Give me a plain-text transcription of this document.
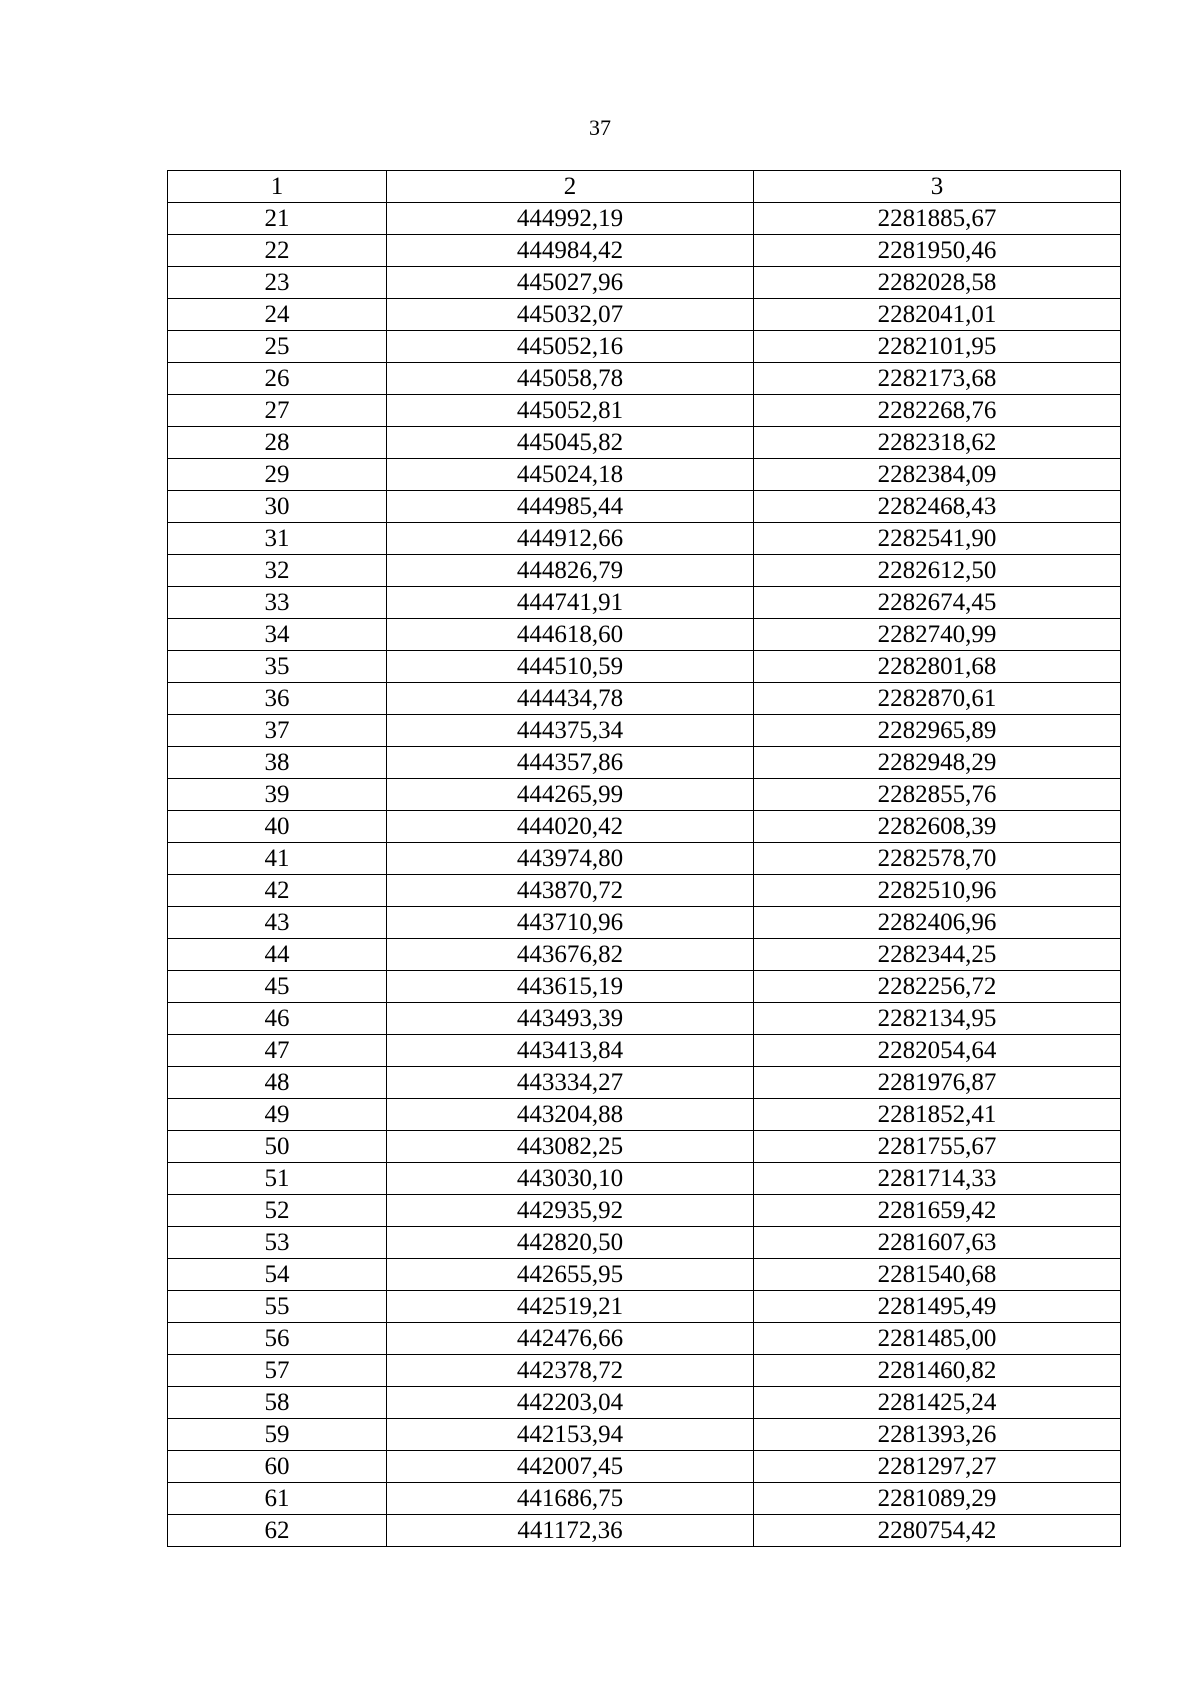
37
1	2	3
21	444992,19	2281885,67
22	444984,42	2281950,46
23	445027,96	2282028,58
24	445032,07	2282041,01
25	445052,16	2282101,95
26	445058,78	2282173,68
27	445052,81	2282268,76
28	445045,82	2282318,62
29	445024,18	2282384,09
30	444985,44	2282468,43
31	444912,66	2282541,90
32	444826,79	2282612,50
33	444741,91	2282674,45
34	444618,60	2282740,99
35	444510,59	2282801,68
36	444434,78	2282870,61
37	444375,34	2282965,89
38	444357,86	2282948,29
39	444265,99	2282855,76
40	444020,42	2282608,39
41	443974,80	2282578,70
42	443870,72	2282510,96
43	443710,96	2282406,96
44	443676,82	2282344,25
45	443615,19	2282256,72
46	443493,39	2282134,95
47	443413,84	2282054,64
48	443334,27	2281976,87
49	443204,88	2281852,41
50	443082,25	2281755,67
51	443030,10	2281714,33
52	442935,92	2281659,42
53	442820,50	2281607,63
54	442655,95	2281540,68
55	442519,21	2281495,49
56	442476,66	2281485,00
57	442378,72	2281460,82
58	442203,04	2281425,24
59	442153,94	2281393,26
60	442007,45	2281297,27
61	441686,75	2281089,29
62	441172,36	2280754,42
